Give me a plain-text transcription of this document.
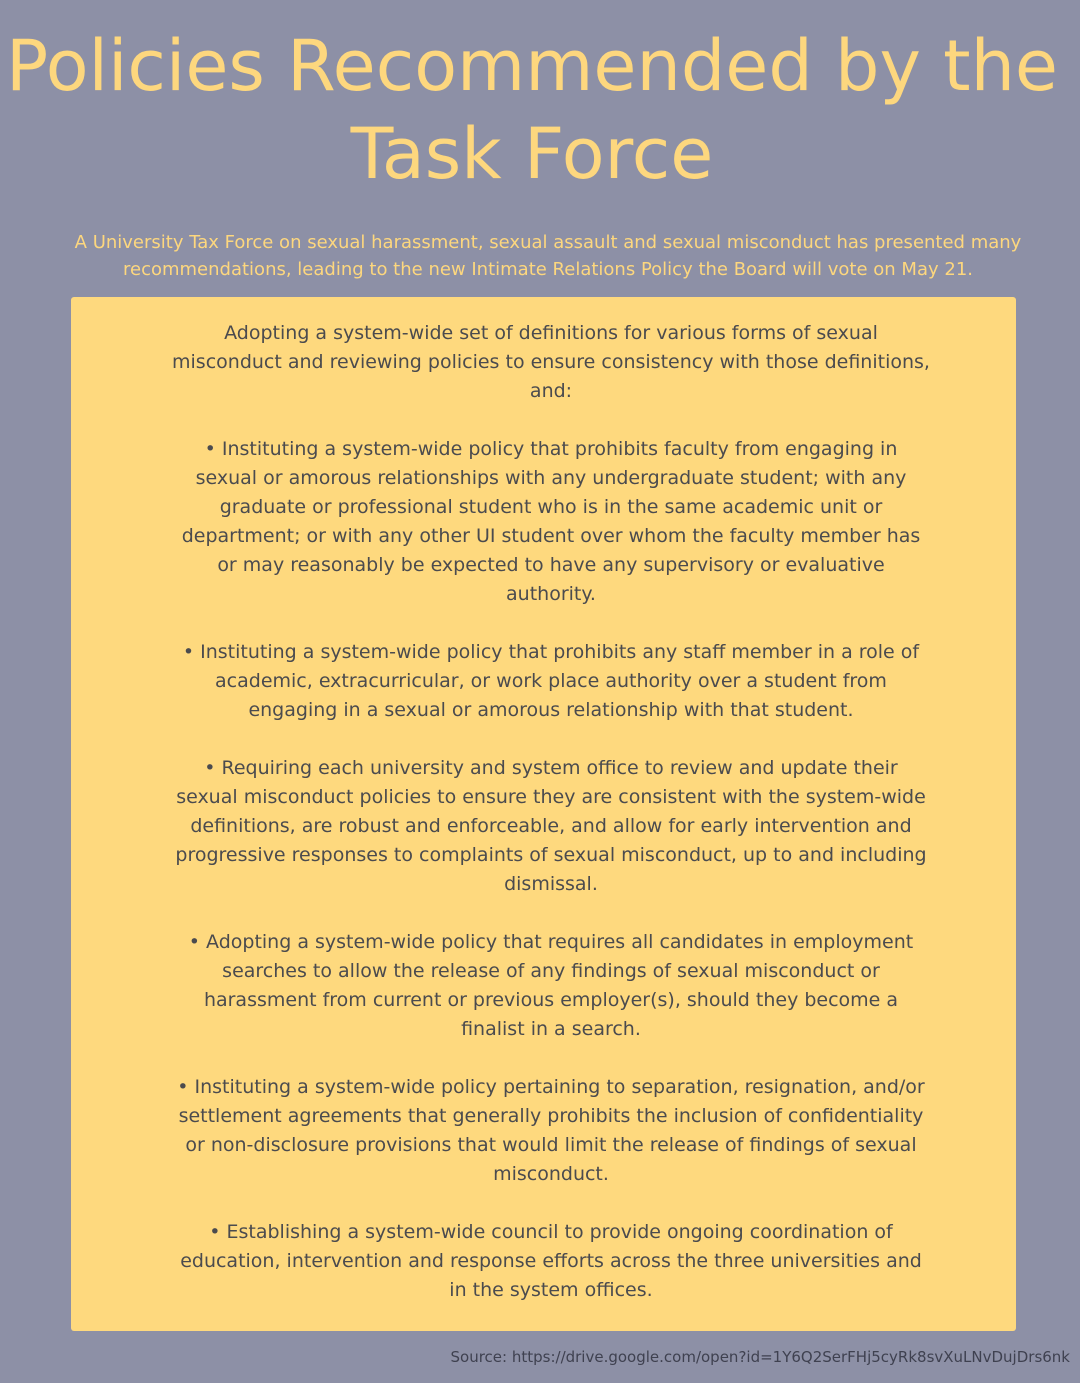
Policies Recommended by the Task Force

A University Tax Force on sexual harassment, sexual assault and sexual misconduct has presented many recommendations, leading to the new Intimate Relations Policy the Board will vote on May 21.

Adopting a system-wide set of definitions for various forms of sexual misconduct and reviewing policies to ensure consistency with those definitions, and:

• Instituting a system-wide policy that prohibits faculty from engaging in sexual or amorous relationships with any undergraduate student; with any graduate or professional student who is in the same academic unit or department; or with any other UI student over whom the faculty member has or may reasonably be expected to have any supervisory or evaluative authority.

• Instituting a system-wide policy that prohibits any staff member in a role of academic, extracurricular, or work place authority over a student from engaging in a sexual or amorous relationship with that student.

• Requiring each university and system office to review and update their sexual misconduct policies to ensure they are consistent with the system-wide definitions, are robust and enforceable, and allow for early intervention and progressive responses to complaints of sexual misconduct, up to and including dismissal.

• Adopting a system-wide policy that requires all candidates in employment searches to allow the release of any findings of sexual misconduct or harassment from current or previous employer(s), should they become a finalist in a search.

• Instituting a system-wide policy pertaining to separation, resignation, and/or settlement agreements that generally prohibits the inclusion of confidentiality or non-disclosure provisions that would limit the release of findings of sexual misconduct.

• Establishing a system-wide council to provide ongoing coordination of education, intervention and response efforts across the three universities and in the system offices.

Source: https://drive.google.com/open?id=1Y6Q2SerFHj5cyRk8svXuLNvDujDrs6nk
